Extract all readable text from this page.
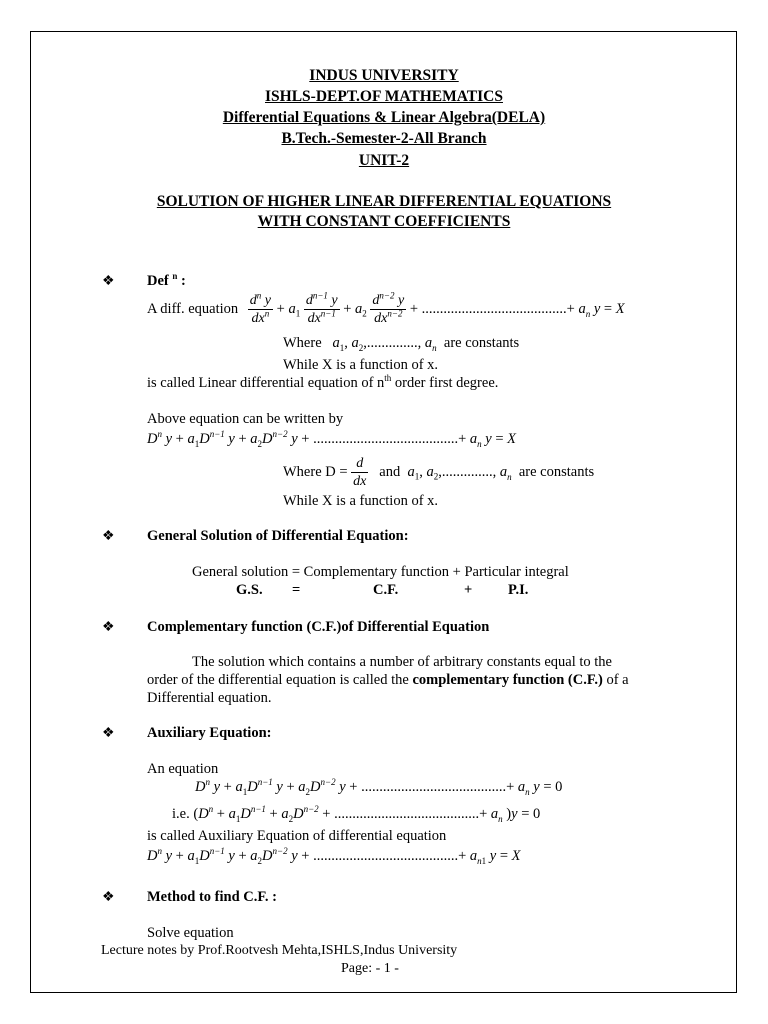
INDUS UNIVERSITY
ISHLS-DEPT.OF MATHEMATICS
Differential Equations & Linear Algebra(DELA)
B.Tech.-Semester-2-All Branch
UNIT-2
SOLUTION OF HIGHER LINEAR DIFFERENTIAL EQUATIONS
WITH CONSTANT COEFFICIENTS
❖ Def $^n$ :
A diff. equation $\frac{d^n y}{dx^n} + a_1 \frac{d^{n-1} y}{dx^{n-1}} + a_2 \frac{d^{n-2} y}{dx^{n-2}}$ + ........................................+ $a_n$ y = X
Where $a_1$, $a_2$,.............., $a_n$ are constants
While X is a function of x.
is called Linear differential equation of $n^{th}$ order first degree.
Above equation can be written by
$D^n$ $y + a_1D^{n-1}$ $y + a_2D^{n-2}$ y + ........................................+ $a_n$ y = X
Where $D = \frac{d}{dx}$ and $a_1$, $a_2$,.............., $a_n$ are constants
While X is a function of x.
❖ General Solution of Differential Equation:
General solution = Complementary function + Particular integral
G.S. =	C.F.	+ P.I.
❖ Complementary function (C.F.)of Differential Equation
The solution which contains a number of arbitrary constants equal to the
order of the differential equation is called the complementary function (C.F.) of a
Differential equation.
❖ Auxiliary Equation:
An equation
$D^n$ $y + a_1D^{n-1}$ $y + a_2D^{n-2}$ y + ........................................+ $a_n$ y = 0
i.e. ($D^n + a_1D^{n-1} + a_2D^{n-2}$ + ........................................+ $a_n$ )y = 0
is called Auxiliary Equation of differential equation
$D^n$ $y + a_1D^{n-1}$ $y + a_2D^{n-2}$ y + ........................................+ $a_{n1}$ y = X
❖ Method to find C.F. :
Solve equation
Lecture notes by Prof.Rootvesh Mehta,ISHLS,Indus University
Page: - 1 -
